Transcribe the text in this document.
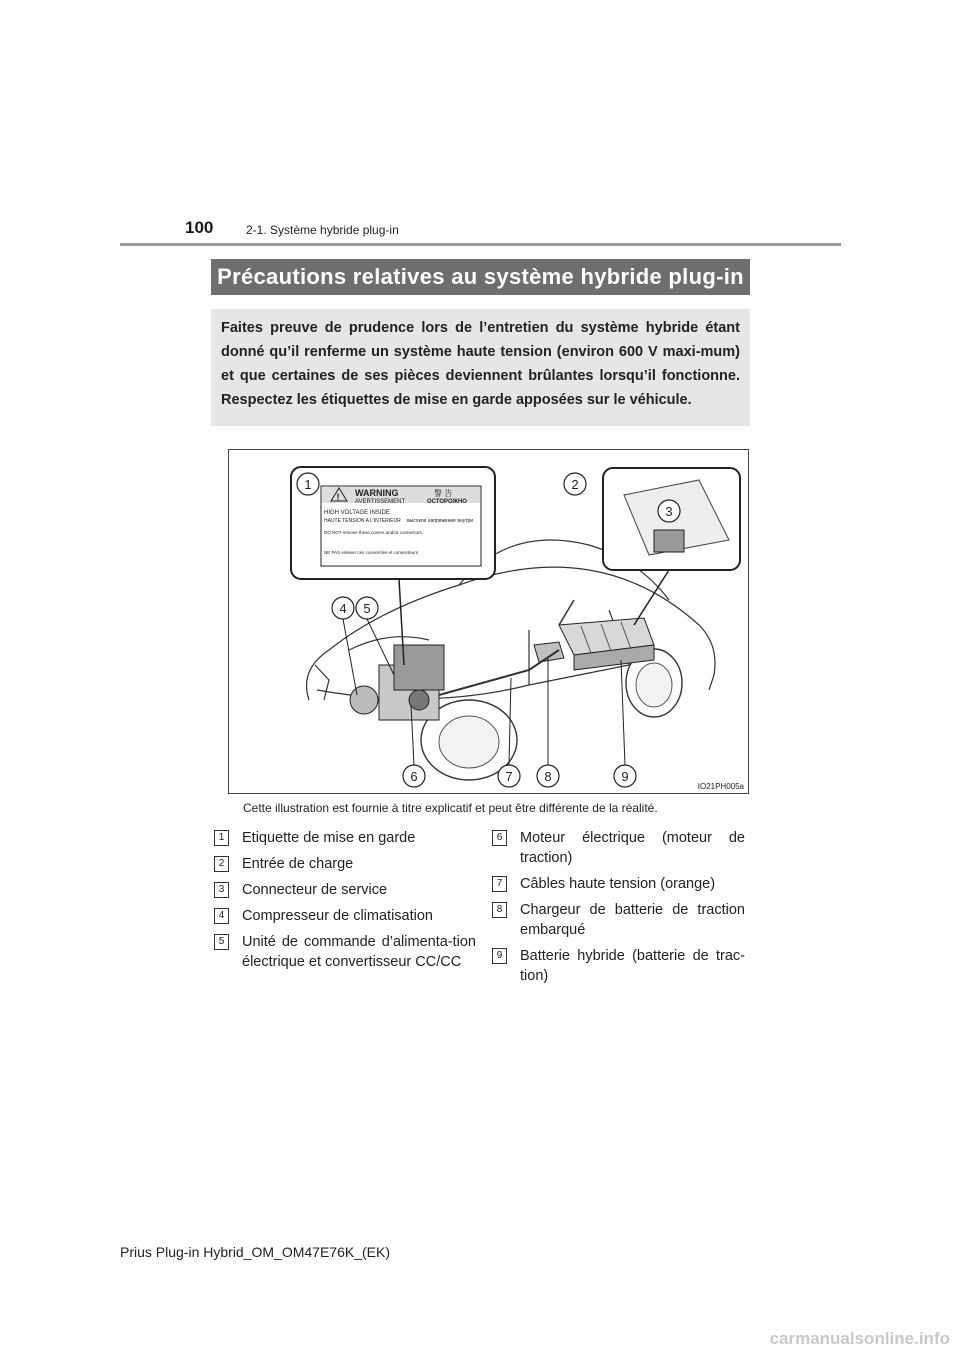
100	2-1. Système hybride plug-in
Précautions relatives au système hybride plug-in
Faites preuve de prudence lors de l’entretien du système hybride étant donné qu’il renferme un système haute tension (environ 600 V maxi-mum) et que certaines de ses pièces deviennent brûlantes lorsqu’il fonctionne. Respectez les étiquettes de mise en garde apposées sur le véhicule.
! WARNING	警 告
AVERTISSEMENT	ОСТОРОЖНО
HIGH VOLTAGE INSIDE
HAUTE TENSION A L'INTERIEUR высокое напряжение внутри
DO NOT remove these covers and/or connectors.
NE PAS enlever ces couvercles et connecteurs.
1	2
3
4 5
6	7 8	9
IO21PH005a
Cette illustration est fournie à titre explicatif et peut être différente de la réalité.
1	Etiquette de mise en garde
2	Entrée de charge
3	Connecteur de service
4	Compresseur de climatisation
5	Unité de commande d’alimenta-tion électrique et convertisseur CC/CC
6	Moteur électrique (moteur de traction)
7	Câbles haute tension (orange)
8	Chargeur de batterie de traction embarqué
9	Batterie hybride (batterie de trac-tion)
Prius Plug-in Hybrid_OM_OM47E76K_(EK)
carmanualsonline.info
